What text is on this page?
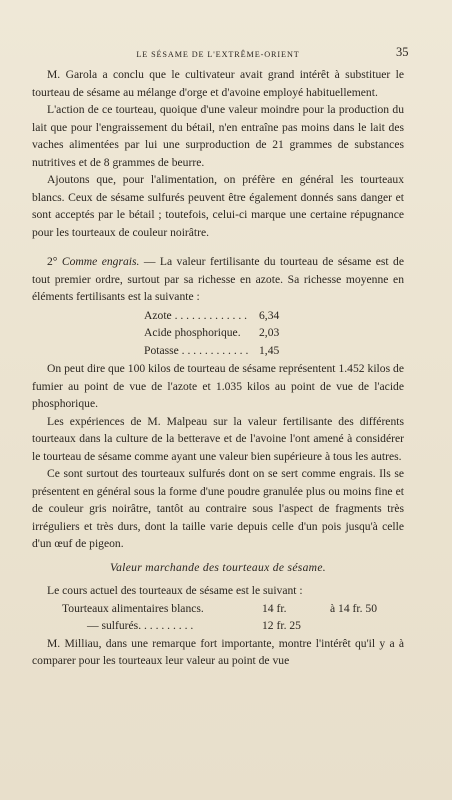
LE SÉSAME DE L'EXTRÊME-ORIENT	35

M. Garola a conclu que le cultivateur avait grand intérêt à substituer le tourteau de sésame au mélange d'orge et d'avoine employé habituellement.

L'action de ce tourteau, quoique d'une valeur moindre pour la production du lait que pour l'engraissement du bétail, n'en entraîne pas moins dans le lait des vaches alimentées par lui une surproduction de 21 grammes de substances nutritives et de 8 grammes de beurre.

Ajoutons que, pour l'alimentation, on préfère en général les tourteaux blancs. Ceux de sésame sulfurés peuvent être également donnés sans danger et sont acceptés par le bétail ; toutefois, celui-ci marque une certaine répugnance pour les tourteaux de couleur noirâtre.

2° Comme engrais. — La valeur fertilisante du tourteau de sésame est de tout premier ordre, surtout par sa richesse en azote. Sa richesse moyenne en éléments fertilisants est la suivante :

Azote . . . . . . . . . . . . .	6,34
Acide phosphorique.	2,03
Potasse . . . . . . . . . . . . 1,45

On peut dire que 100 kilos de tourteau de sésame représentent 1.452 kilos de fumier au point de vue de l'azote et 1.035 kilos au point de vue de l'acide phosphorique.

Les expériences de M. Malpeau sur la valeur fertilisante des différents tourteaux dans la culture de la betterave et de l'avoine l'ont amené à considérer le tourteau de sésame comme ayant une valeur bien supérieure à tous les autres.

Ce sont surtout des tourteaux sulfurés dont on se sert comme engrais. Ils se présentent en général sous la forme d'une poudre granulée plus ou moins fine et de couleur gris noirâtre, tantôt au contraire sous l'aspect de fragments très irréguliers et très durs, dont la taille varie depuis celle d'un pois jusqu'à celle d'un œuf de pigeon.

Valeur marchande des tourteaux de sésame.

Le cours actuel des tourteaux de sésame est le suivant :

Tourteaux alimentaires blancs.	14 fr.	à 14 fr. 50
— sulfurés. . . . . . . . . .	12 fr. 25

M. Milliau, dans une remarque fort importante, montre l'intérêt qu'il y a à comparer pour les tourteaux leur valeur au point de vue
